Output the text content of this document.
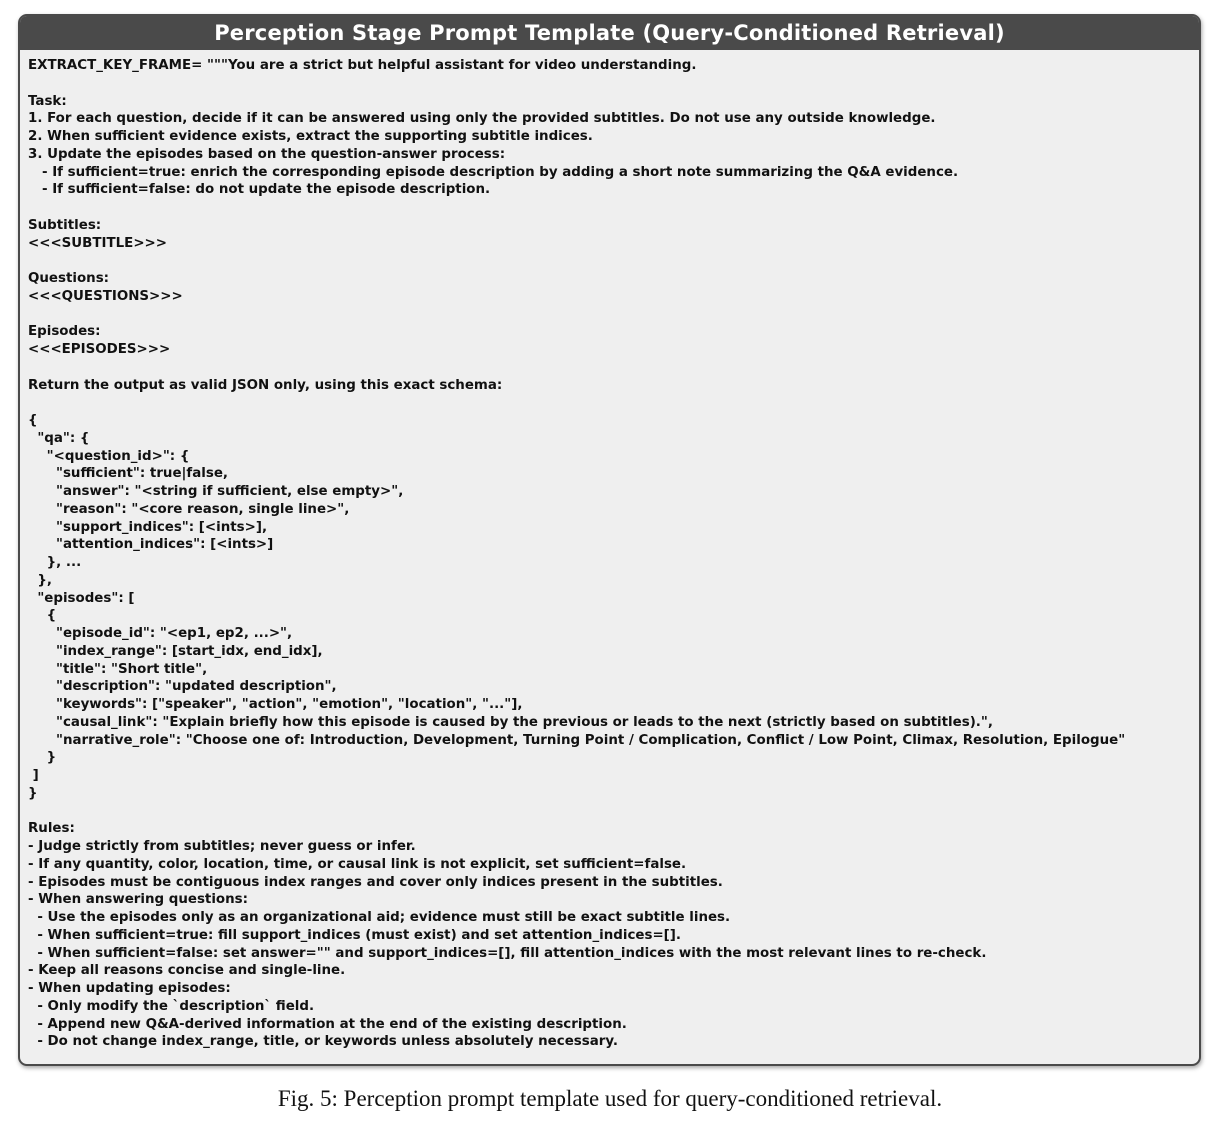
Perception Stage Prompt Template (Query-Conditioned Retrieval)
EXTRACT_KEY_FRAME= """You are a strict but helpful assistant for video understanding.
Task:
1. For each question, decide if it can be answered using only the provided subtitles. Do not use any outside knowledge.
2. When sufficient evidence exists, extract the supporting subtitle indices.
3. Update the episodes based on the question-answer process:
- If sufficient=true: enrich the corresponding episode description by adding a short note summarizing the Q&A evidence.
- If sufficient=false: do not update the episode description.
Subtitles:
<<<SUBTITLE>>>
Questions:
<<<QUESTIONS>>>
Episodes:
<<<EPISODES>>>
Return the output as valid JSON only, using this exact schema:
{
"qa": {
"<question_id>": {
"sufficient": true|false,
"answer": "<string if sufficient, else empty>",
"reason": "<core reason, single line>",
"support_indices": [<ints>],
"attention_indices": [<ints>]
}, ...
},
"episodes": [
{
"episode_id": "<ep1, ep2, ...>",
"index_range": [start_idx, end_idx],
"title": "Short title",
"description": "updated description",
"keywords": ["speaker", "action", "emotion", "location", "..."],
"causal_link": "Explain briefly how this episode is caused by the previous or leads to the next (strictly based on subtitles).",
"narrative_role": "Choose one of: Introduction, Development, Turning Point / Complication, Conflict / Low Point, Climax, Resolution, Epilogue"
}
]
}
Rules:
- Judge strictly from subtitles; never guess or infer.
- If any quantity, color, location, time, or causal link is not explicit, set sufficient=false.
- Episodes must be contiguous index ranges and cover only indices present in the subtitles.
- When answering questions:
- Use the episodes only as an organizational aid; evidence must still be exact subtitle lines.
- When sufficient=true: fill support_indices (must exist) and set attention_indices=[].
- When sufficient=false: set answer="" and support_indices=[], fill attention_indices with the most relevant lines to re-check.
- Keep all reasons concise and single-line.
- When updating episodes:
- Only modify the `description` field.
- Append new Q&A-derived information at the end of the existing description.
- Do not change index_range, title, or keywords unless absolutely necessary.
Fig. 5: Perception prompt template used for query-conditioned retrieval.
